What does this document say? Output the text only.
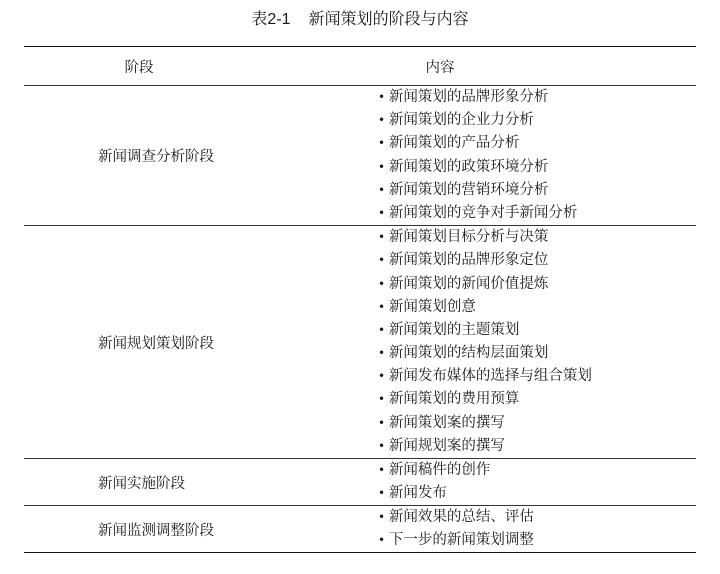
表2-1 新闻策划的阶段与内容
阶段	内容
新闻调查分析阶段
• 新闻策划的品牌形象分析
• 新闻策划的企业力分析
• 新闻策划的产品分析
• 新闻策划的政策环境分析
• 新闻策划的营销环境分析
• 新闻策划的竞争对手新闻分析
新闻规划策划阶段
• 新闻策划目标分析与决策
• 新闻策划的品牌形象定位
• 新闻策划的新闻价值提炼
• 新闻策划创意
• 新闻策划的主题策划
• 新闻策划的结构层面策划
• 新闻发布媒体的选择与组合策划
• 新闻策划的费用预算
• 新闻策划案的撰写
• 新闻规划案的撰写
新闻实施阶段
• 新闻稿件的创作
• 新闻发布
新闻监测调整阶段
• 新闻效果的总结、评估
• 下一步的新闻策划调整
